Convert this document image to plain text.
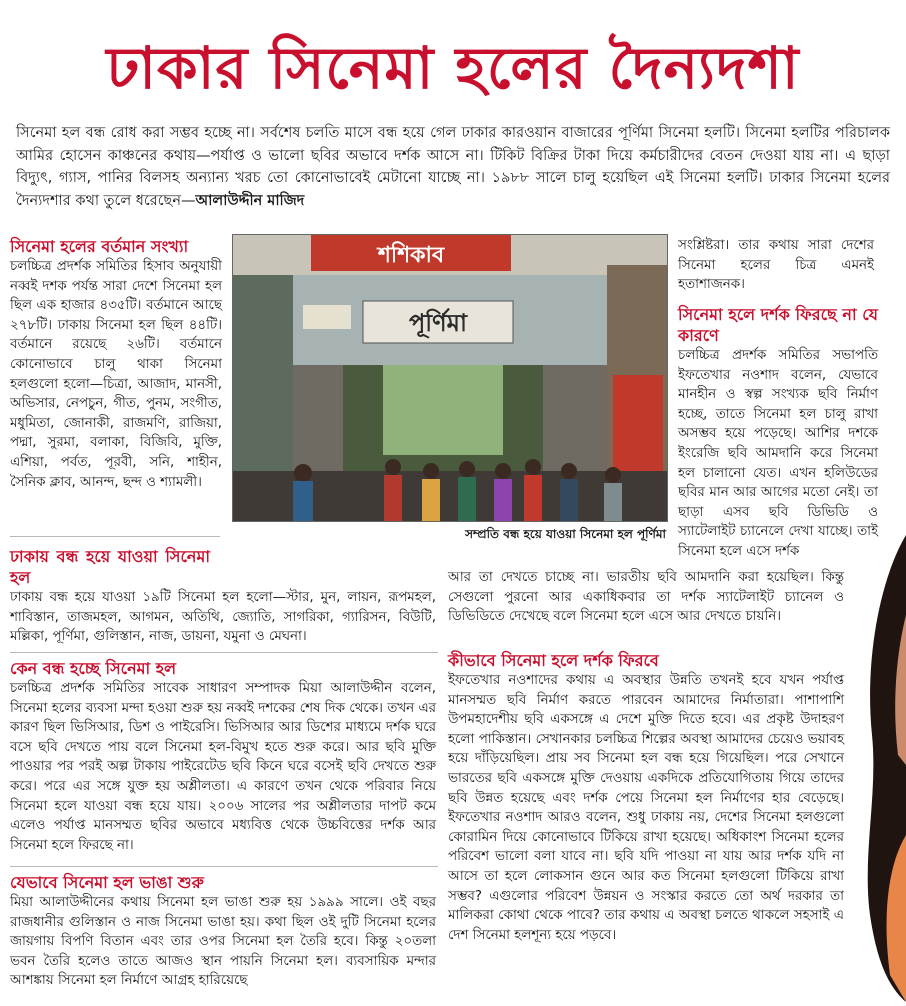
ঢাকার সিনেমা হলের দৈন্যদশা
সিনেমা হল বন্ধ রোধ করা সম্ভব হচ্ছে না। সর্বশেষ চলতি মাসে বন্ধ হয়ে গেল ঢাকার কারওয়ান বাজারের পূর্ণিমা সিনেমা হলটি। সিনেমা হলটির পরিচালক আমির হোসেন কাঞ্চনের কথায়—পর্যাপ্ত ও ভালো ছবির অভাবে দর্শক আসে না। টিকিট বিক্রির টাকা দিয়ে কর্মচারীদের বেতন দেওয়া যায় না। এ ছাড়া বিদ্যুৎ, গ্যাস, পানির বিলসহ অন্যান্য খরচ তো কোনোভাবেই মেটানো যাচ্ছে না। ১৯৮৮ সালে চালু হয়েছিল এই সিনেমা হলটি। ঢাকার সিনেমা হলের দৈন্যদশার কথা তুলে ধরেছেন—আলাউদ্দীন মাজিদ
সিনেমা হলের বর্তমান সংখ্যা

চলচ্চিত্র প্রদর্শক সমিতির হিসাব অনুযায়ী নব্বই দশক পর্যন্ত সারা দেশে সিনেমা হল ছিল এক হাজার ৪৩৫টি। বর্তমানে আছে ২৭৮টি। ঢাকায় সিনেমা হল ছিল ৪৪টি। বর্তমানে রয়েছে ২৬টি। বর্তমানে কোনোভাবে চালু থাকা সিনেমা হলগুলো হলো—চিত্রা, আজাদ, মানসী, অভিসার, নেপচুন, গীত, পুনম, সংগীত, মধুমিতা, জোনাকী, রাজমণি, রাজিয়া, পদ্মা, সুরমা, বলাকা, বিজিবি, মুক্তি, এশিয়া, পর্বত, পূরবী, সনি, শাহীন, সৈনিক ক্লাব, আনন্দ, ছন্দ ও শ্যামলী।

শশিকাব
পূর্ণিমা
সম্প্রতি বন্ধ হয়ে যাওয়া সিনেমা হল পূর্ণিমা

সংশ্লিষ্টরা। তার কথায় সারা দেশের সিনেমা হলের চিত্র এমনই হতাশাজনক।

সিনেমা হলে দর্শক ফিরছে না যে কারণে

চলচ্চিত্র প্রদর্শক সমিতির সভাপতি ইফতেখার নওশাদ বলেন, যেভাবে মানহীন ও স্বল্প সংখ্যক ছবি নির্মাণ হচ্ছে, তাতে সিনেমা হল চালু রাখা অসম্ভব হয়ে পড়েছে। আশির দশকে ইংরেজি ছবি আমদানি করে সিনেমা হল চালানো যেত। এখন হলিউডের ছবির মান আর আগের মতো নেই। তা ছাড়া এসব ছবি ডিভিডি ও স্যাটেলাইট চ্যানেলে দেখা যাচ্ছে। তাই সিনেমা হলে এসে দর্শক

ঢাকায় বন্ধ হয়ে যাওয়া সিনেমা হল

ঢাকায় বন্ধ হয়ে যাওয়া ১৯টি সিনেমা হল হলো—স্টার, মুন, লায়ন, রূপমহল, শাবিস্তান, তাজমহল, আগমন, অতিথি, জ্যোতি, সাগরিকা, গ্যারিসন, বিউটি, মল্লিকা, পূর্ণিমা, গুলিস্তান, নাজ, ডায়না, যমুনা ও মেঘনা।

কেন বন্ধ হচ্ছে সিনেমা হল

চলচ্চিত্র প্রদর্শক সমিতির সাবেক সাধারণ সম্পাদক মিয়া আলাউদ্দীন বলেন, সিনেমা হলের ব্যবসা মন্দা হওয়া শুরু হয় নব্বই দশকের শেষ দিক থেকে। তখন এর কারণ ছিল ভিসিআর, ডিশ ও পাইরেসি। ভিসিআর আর ডিশের মাধ্যমে দর্শক ঘরে বসে ছবি দেখতে পায় বলে সিনেমা হল-বিমুখ হতে শুরু করে। আর ছবি মুক্তি পাওয়ার পর পরই অল্প টাকায় পাইরেটেড ছবি কিনে ঘরে বসেই ছবি দেখতে শুরু করে। পরে এর সঙ্গে যুক্ত হয় অশ্লীলতা। এ কারণে তখন থেকে পরিবার নিয়ে সিনেমা হলে যাওয়া বন্ধ হয়ে যায়। ২০০৬ সালের পর অশ্লীলতার দাপট কমে এলেও পর্যাপ্ত মানসম্মত ছবির অভাবে মধ্যবিত্ত থেকে উচ্চবিত্তের দর্শক আর সিনেমা হলে ফিরছে না।

যেভাবে সিনেমা হল ভাঙা শুরু

মিয়া আলাউদ্দীনের কথায় সিনেমা হল ভাঙা শুরু হয় ১৯৯৯ সালে। ওই বছর রাজধানীর গুলিস্তান ও নাজ সিনেমা ভাঙা হয়। কথা ছিল ওই দুটি সিনেমা হলের জায়গায় বিপণি বিতান এবং তার ওপর সিনেমা হল তৈরি হবে। কিন্তু ২০তলা ভবন তৈরি হলেও তাতে আজও স্থান পায়নি সিনেমা হল। ব্যবসায়িক মন্দার আশঙ্কায় সিনেমা হল নির্মাণে আগ্রহ হারিয়েছে

আর তা দেখতে চাচ্ছে না। ভারতীয় ছবি আমদানি করা হয়েছিল। কিন্তু সেগুলো পুরনো আর একাধিকবার তা দর্শক স্যাটেলাইট চ্যানেল ও ডিভিডিতে দেখেছে বলে সিনেমা হলে এসে আর দেখতে চায়নি।

কীভাবে সিনেমা হলে দর্শক ফিরবে

ইফতেখার নওশাদের কথায় এ অবস্থার উন্নতি তখনই হবে যখন পর্যাপ্ত মানসম্মত ছবি নির্মাণ করতে পারবেন আমাদের নির্মাতারা। পাশাপাশি উপমহাদেশীয় ছবি একসঙ্গে এ দেশে মুক্তি দিতে হবে। এর প্রকৃষ্ট উদাহরণ হলো পাকিস্তান। সেখানকার চলচ্চিত্র শিল্পের অবস্থা আমাদের চেয়েও ভয়াবহ হয়ে দাঁড়িয়েছিল। প্রায় সব সিনেমা হল বন্ধ হয়ে গিয়েছিল। পরে সেখানে ভারতের ছবি একসঙ্গে মুক্তি দেওয়ায় একদিকে প্রতিযোগিতায় গিয়ে তাদের ছবি উন্নত হয়েছে এবং দর্শক পেয়ে সিনেমা হল নির্মাণের হার বেড়েছে। ইফতেখার নওশাদ আরও বলেন, শুধু ঢাকায় নয়, দেশের সিনেমা হলগুলো কোরামিন দিয়ে কোনোভাবে টিকিয়ে রাখা হয়েছে। অধিকাংশ সিনেমা হলের পরিবেশ ভালো বলা যাবে না। ছবি যদি পাওয়া না যায় আর দর্শক যদি না আসে তা হলে লোকসান গুনে আর কত সিনেমা হলগুলো টিকিয়ে রাখা সম্ভব? এগুলোর পরিবেশ উন্নয়ন ও সংস্কার করতে তো অর্থ দরকার তা মালিকরা কোথা থেকে পাবে? তার কথায় এ অবস্থা চলতে থাকলে সহসাই এ দেশ সিনেমা হলশূন্য হয়ে পড়বে।
